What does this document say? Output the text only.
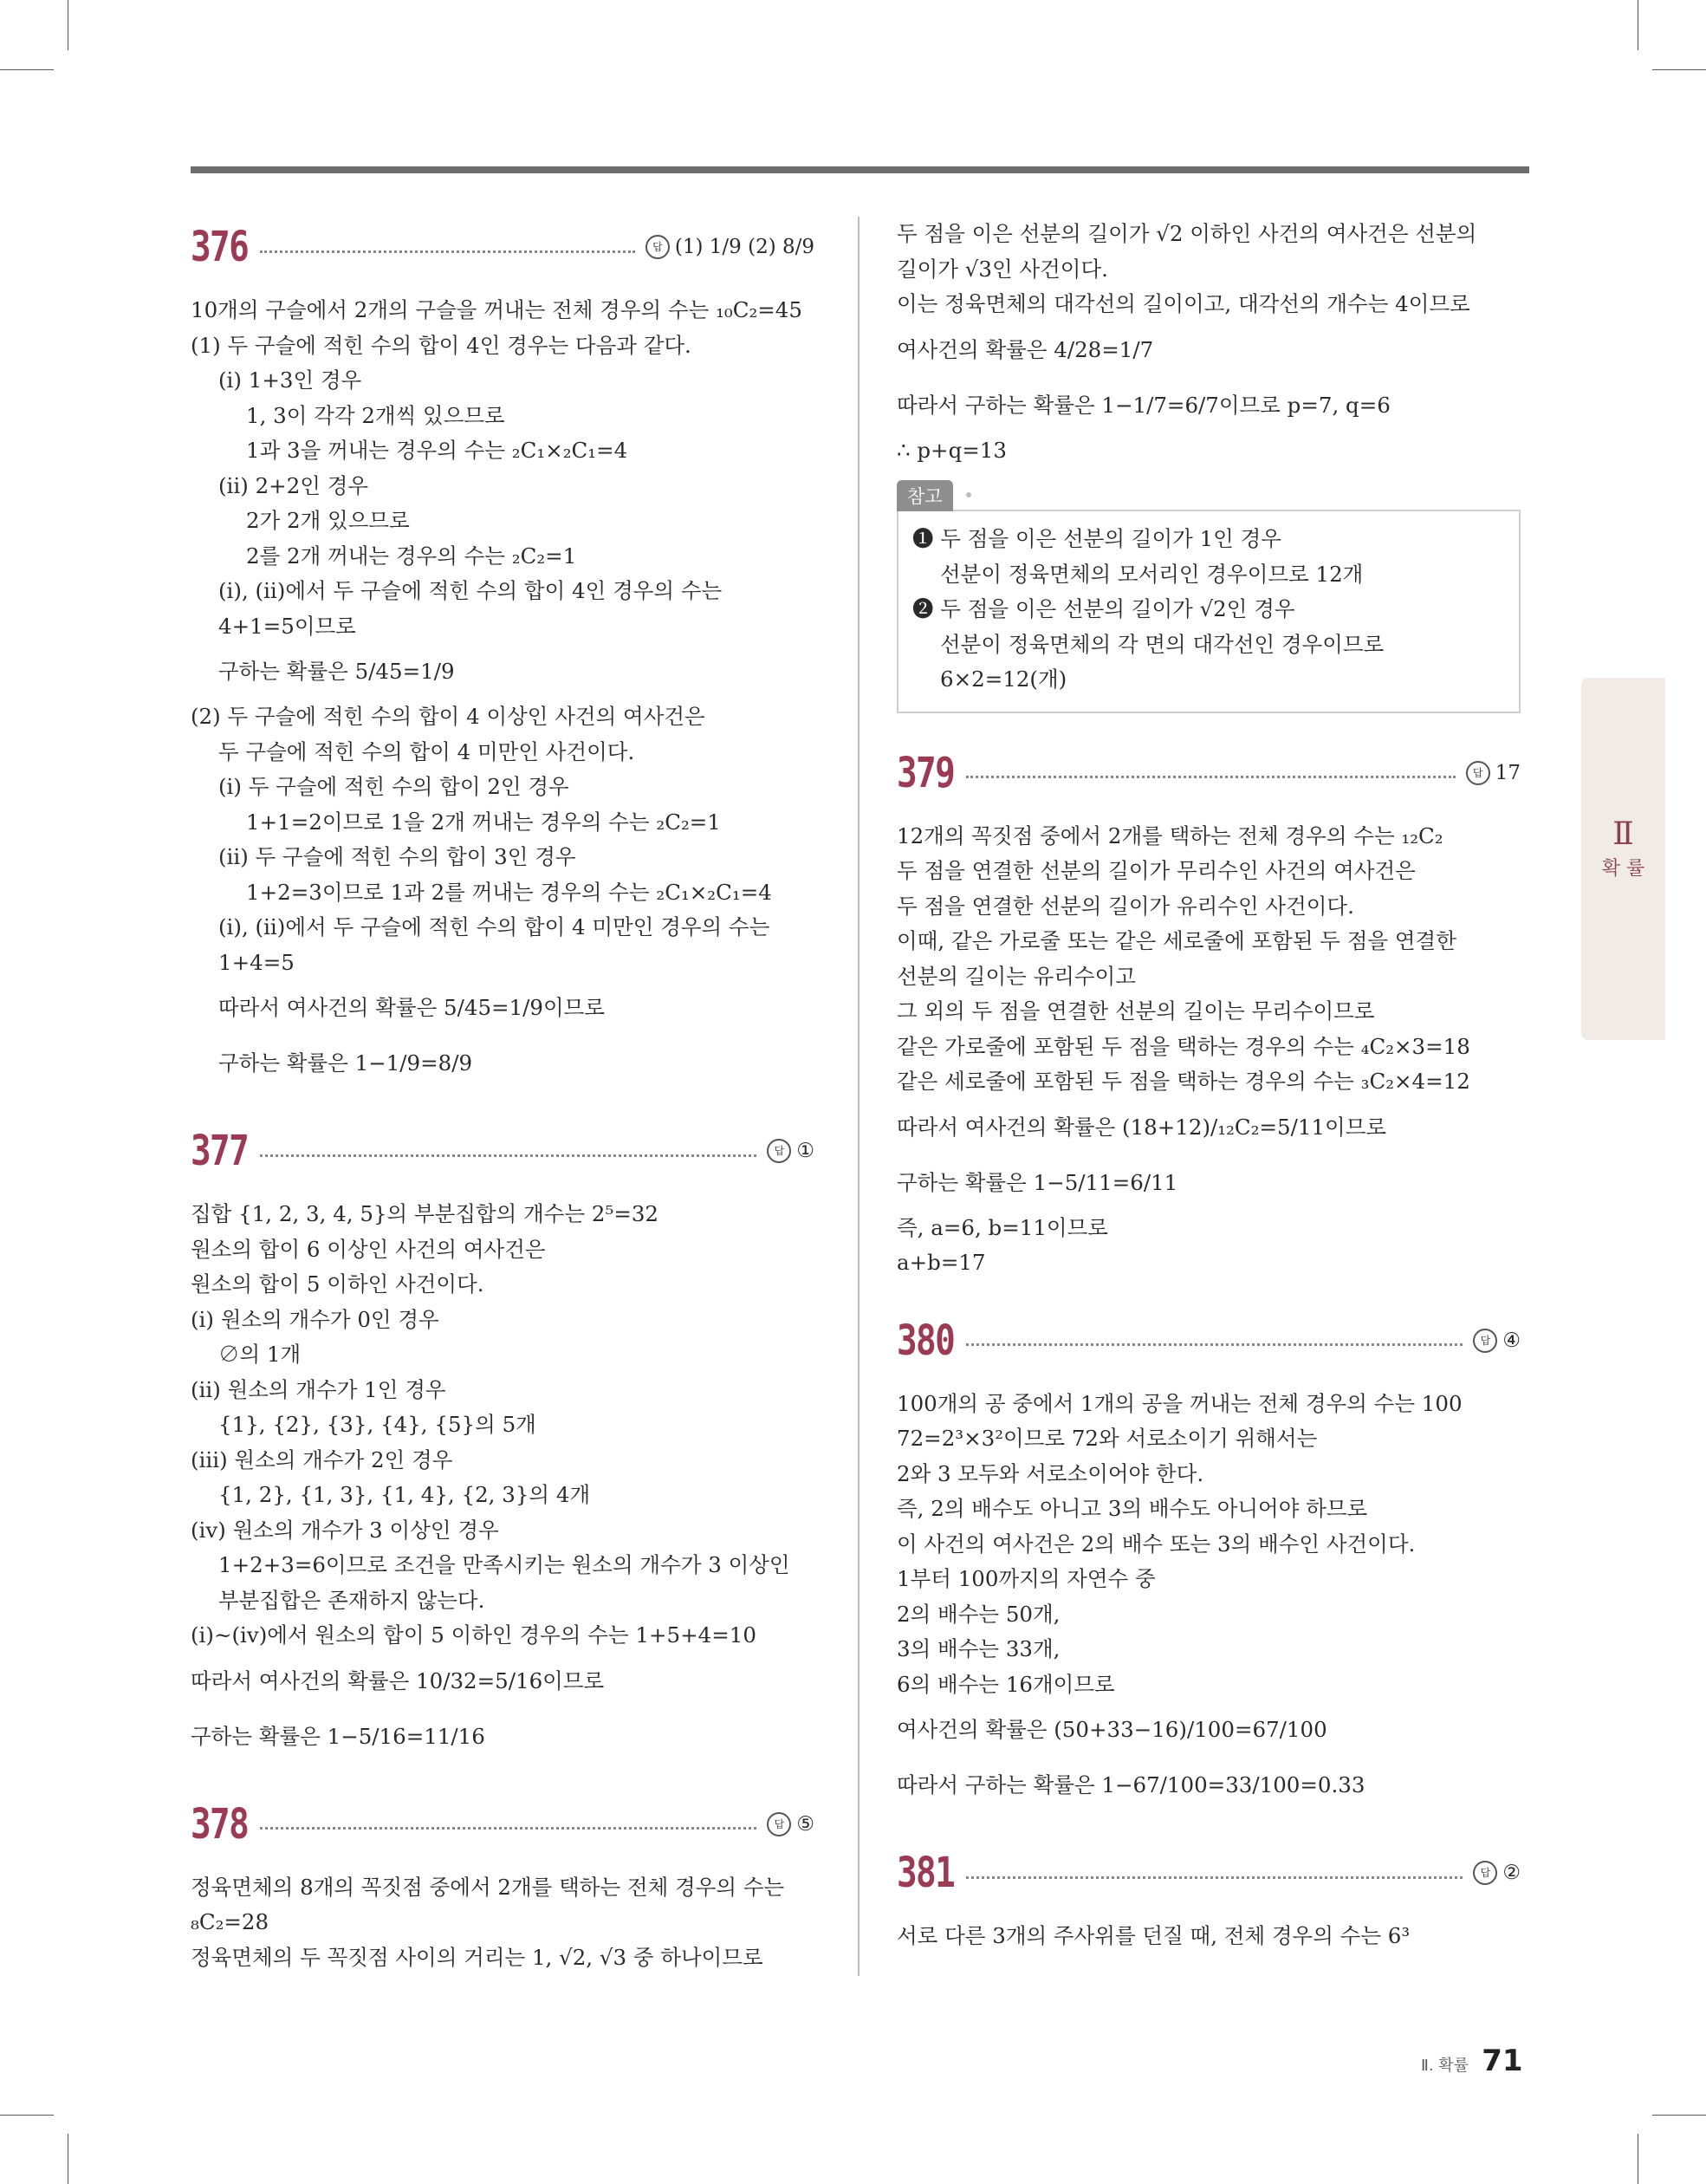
376	답 (1) 1/9 (2) 8/9
10개의 구슬에서 2개의 구슬을 꺼내는 전체 경우의 수는 ₁₀C₂=45
(1) 두 구슬에 적힌 수의 합이 4인 경우는 다음과 같다.
(i) 1+3인 경우
1, 3이 각각 2개씩 있으므로
1과 3을 꺼내는 경우의 수는 ₂C₁×₂C₁=4
(ii) 2+2인 경우
2가 2개 있으므로
2를 2개 꺼내는 경우의 수는 ₂C₂=1
(i), (ii)에서 두 구슬에 적힌 수의 합이 4인 경우의 수는
4+1=5이므로
구하는 확률은 5/45=1/9
(2) 두 구슬에 적힌 수의 합이 4 이상인 사건의 여사건은
두 구슬에 적힌 수의 합이 4 미만인 사건이다.
(i) 두 구슬에 적힌 수의 합이 2인 경우
1+1=2이므로 1을 2개 꺼내는 경우의 수는 ₂C₂=1
(ii) 두 구슬에 적힌 수의 합이 3인 경우
1+2=3이므로 1과 2를 꺼내는 경우의 수는 ₂C₁×₂C₁=4
(i), (ii)에서 두 구슬에 적힌 수의 합이 4 미만인 경우의 수는
1+4=5
따라서 여사건의 확률은 5/45=1/9이므로
구하는 확률은 1−1/9=8/9
377	답 ①
집합 {1, 2, 3, 4, 5}의 부분집합의 개수는 2⁵=32
원소의 합이 6 이상인 사건의 여사건은
원소의 합이 5 이하인 사건이다.
(i) 원소의 개수가 0인 경우
∅의 1개
(ii) 원소의 개수가 1인 경우
{1}, {2}, {3}, {4}, {5}의 5개
(iii) 원소의 개수가 2인 경우
{1, 2}, {1, 3}, {1, 4}, {2, 3}의 4개
(iv) 원소의 개수가 3 이상인 경우
1+2+3=6이므로 조건을 만족시키는 원소의 개수가 3 이상인
부분집합은 존재하지 않는다.
(i)~(iv)에서 원소의 합이 5 이하인 경우의 수는 1+5+4=10
따라서 여사건의 확률은 10/32=5/16이므로
구하는 확률은 1−5/16=11/16
378	답 ⑤
정육면체의 8개의 꼭짓점 중에서 2개를 택하는 전체 경우의 수는
₈C₂=28
정육면체의 두 꼭짓점 사이의 거리는 1, √2, √3 중 하나이므로
두 점을 이은 선분의 길이가 √2 이하인 사건의 여사건은 선분의
길이가 √3인 사건이다.
이는 정육면체의 대각선의 길이이고, 대각선의 개수는 4이므로
여사건의 확률은 4/28=1/7
따라서 구하는 확률은 1−1/7=6/7이므로 p=7, q=6
∴ p+q=13
참고
❶ 두 점을 이은 선분의 길이가 1인 경우
선분이 정육면체의 모서리인 경우이므로 12개
❷ 두 점을 이은 선분의 길이가 √2인 경우
선분이 정육면체의 각 면의 대각선인 경우이므로
6×2=12(개)
379	답 17
12개의 꼭짓점 중에서 2개를 택하는 전체 경우의 수는 ₁₂C₂
두 점을 연결한 선분의 길이가 무리수인 사건의 여사건은
두 점을 연결한 선분의 길이가 유리수인 사건이다.
이때, 같은 가로줄 또는 같은 세로줄에 포함된 두 점을 연결한
선분의 길이는 유리수이고
그 외의 두 점을 연결한 선분의 길이는 무리수이므로
같은 가로줄에 포함된 두 점을 택하는 경우의 수는 ₄C₂×3=18
같은 세로줄에 포함된 두 점을 택하는 경우의 수는 ₃C₂×4=12
따라서 여사건의 확률은 (18+12)/₁₂C₂=5/11이므로
구하는 확률은 1−5/11=6/11
즉, a=6, b=11이므로
a+b=17
380	답 ④
100개의 공 중에서 1개의 공을 꺼내는 전체 경우의 수는 100
72=2³×3²이므로 72와 서로소이기 위해서는
2와 3 모두와 서로소이어야 한다.
즉, 2의 배수도 아니고 3의 배수도 아니어야 하므로
이 사건의 여사건은 2의 배수 또는 3의 배수인 사건이다.
1부터 100까지의 자연수 중
2의 배수는 50개,
3의 배수는 33개,
6의 배수는 16개이므로
여사건의 확률은 (50+33−16)/100=67/100
따라서 구하는 확률은 1−67/100=33/100=0.33
381	답 ②
서로 다른 3개의 주사위를 던질 때, 전체 경우의 수는 6³
Ⅱ
확 률
Ⅱ. 확률 71
